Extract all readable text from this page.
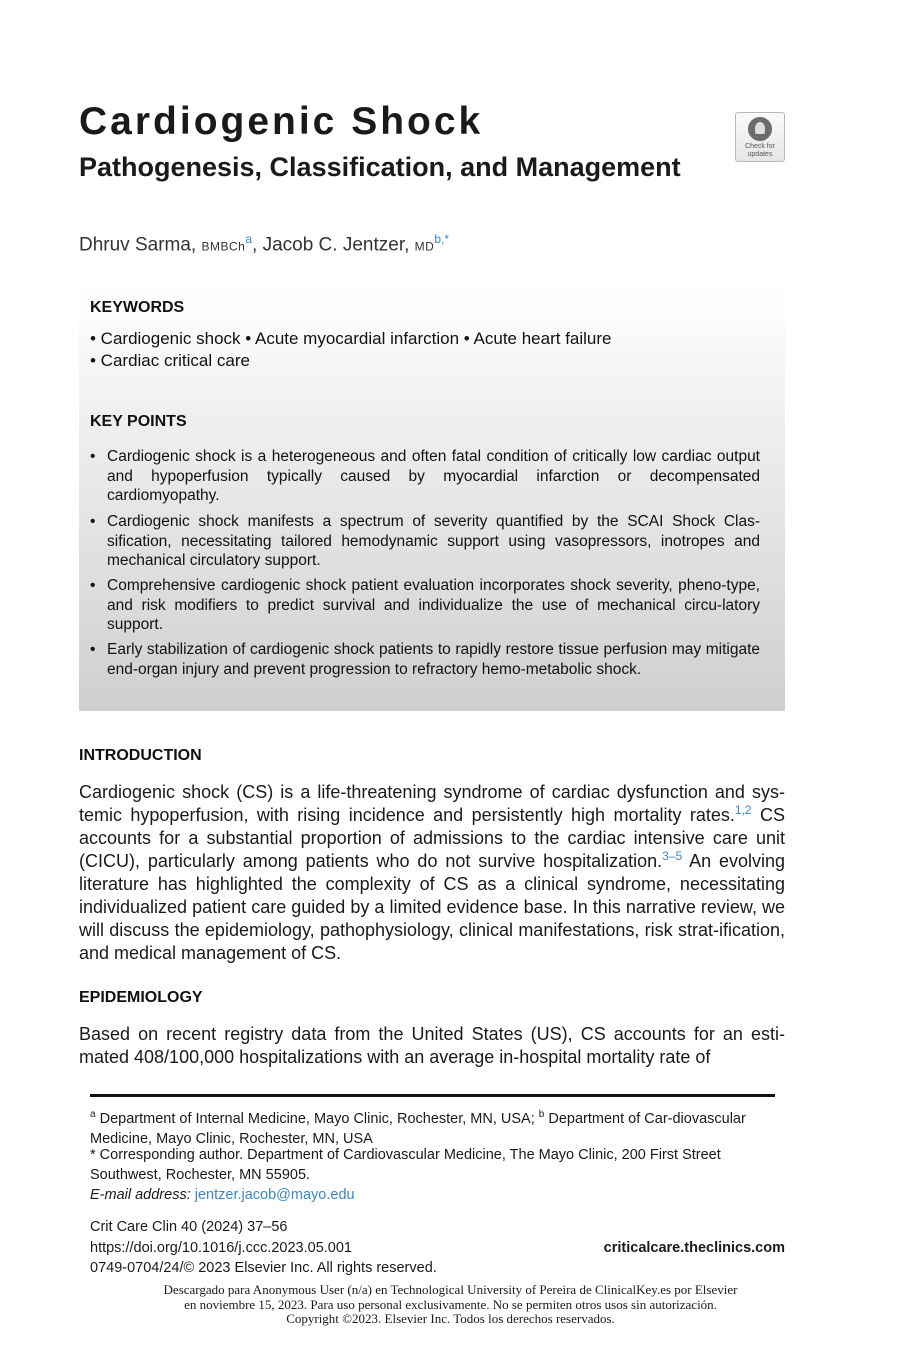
Cardiogenic Shock
Pathogenesis, Classification, and Management
Check for
updates
Dhruv Sarma, BMBCh$^a$, Jacob C. Jentzer, $MD^{b,*}$
KEYWORDS
• Cardiogenic shock • Acute myocardial infarction • Acute heart failure
• Cardiac critical care
KEY POINTS
• Cardiogenic shock is a heterogeneous and often fatal condition of critically low cardiac output and hypoperfusion typically caused by myocardial infarction or decompensated cardiomyopathy.
• Cardiogenic shock manifests a spectrum of severity quantified by the SCAI Shock Clas-sification, necessitating tailored hemodynamic support using vasopressors, inotropes and mechanical circulatory support.
• Comprehensive cardiogenic shock patient evaluation incorporates shock severity, pheno-type, and risk modifiers to predict survival and individualize the use of mechanical circu-latory support.
• Early stabilization of cardiogenic shock patients to rapidly restore tissue perfusion may mitigate end-organ injury and prevent progression to refractory hemo-metabolic shock.
INTRODUCTION
Cardiogenic shock (CS) is a life-threatening syndrome of cardiac dysfunction and sys-temic hypoperfusion, with rising incidence and persistently high mortality rates.$^{1,2}$ CS accounts for a substantial proportion of admissions to the cardiac intensive care unit (CICU), particularly among patients who do not survive hospitalization.$^{3-5}$ An evolving literature has highlighted the complexity of CS as a clinical syndrome, necessitating individualized patient care guided by a limited evidence base. In this narrative review, we will discuss the epidemiology, pathophysiology, clinical manifestations, risk strat-ification, and medical management of CS.
EPIDEMIOLOGY
Based on recent registry data from the United States (US), CS accounts for an esti-mated 408/100,000 hospitalizations with an average in-hospital mortality rate of
$^a$ Department of Internal Medicine, Mayo Clinic, Rochester, MN, USA; $^b$ Department of Car-diovascular Medicine, Mayo Clinic, Rochester, MN, USA
* Corresponding author. Department of Cardiovascular Medicine, The Mayo Clinic, 200 First Street Southwest, Rochester, MN 55905.
E-mail address: jentzer.jacob@mayo.edu
Crit Care Clin 40 (2024) 37–56
https://doi.org/10.1016/j.ccc.2023.05.001
0749-0704/24/© 2023 Elsevier Inc. All rights reserved.
criticalcare.theclinics.com
Descargado para Anonymous User (n/a) en Technological University of Pereira de ClinicalKey.es por Elsevier en noviembre 15, 2023. Para uso personal exclusivamente. No se permiten otros usos sin autorización. Copyright ©2023. Elsevier Inc. Todos los derechos reservados.
